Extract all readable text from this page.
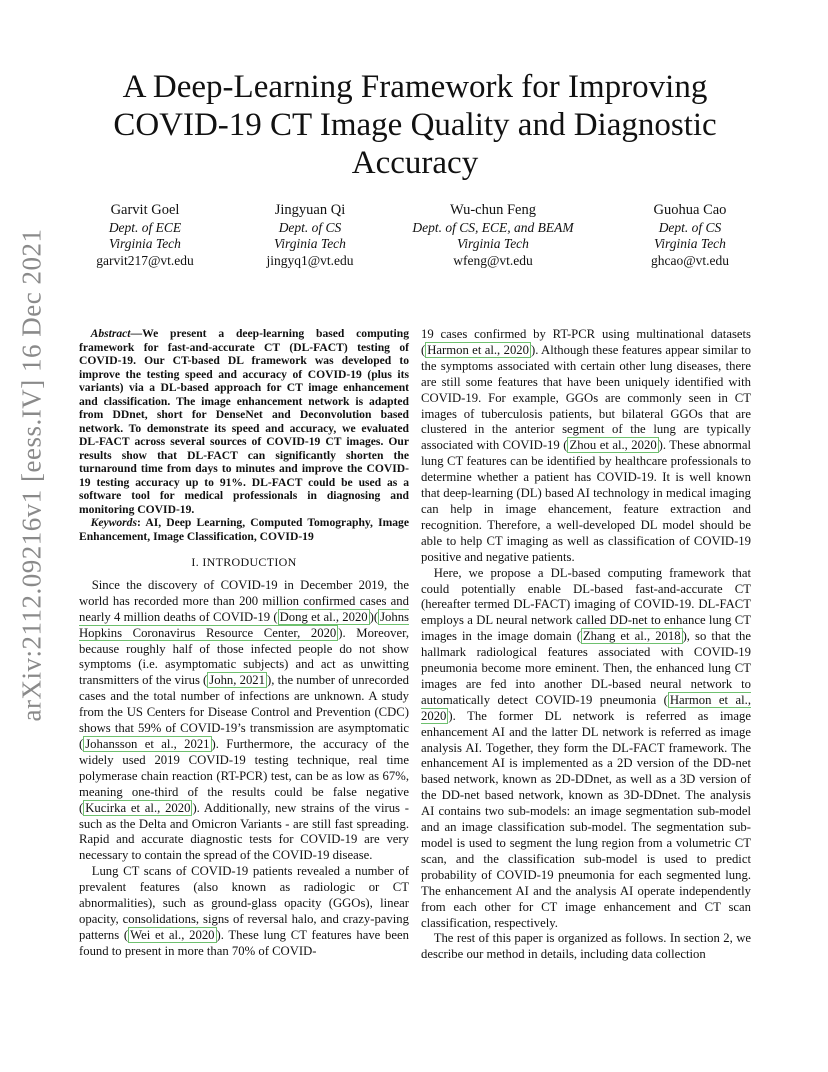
arXiv:2112.09216v1 [eess.IV] 16 Dec 2021
A Deep-Learning Framework for Improving COVID-19 CT Image Quality and Diagnostic Accuracy
Garvit Goel
Dept. of ECE
Virginia Tech
garvit217@vt.edu
Jingyuan Qi
Dept. of CS
Virginia Tech
jingyq1@vt.edu
Wu-chun Feng
Dept. of CS, ECE, and BEAM
Virginia Tech
wfeng@vt.edu
Guohua Cao
Dept. of CS
Virginia Tech
ghcao@vt.edu

Abstract—We present a deep-learning based computing framework for fast-and-accurate CT (DL-FACT) testing of COVID-19. Our CT-based DL framework was developed to improve the testing speed and accuracy of COVID-19 (plus its variants) via a DL-based approach for CT image enhancement and classification. The image enhancement network is adapted from DDnet, short for DenseNet and Deconvolution based network. To demonstrate its speed and accuracy, we evaluated DL-FACT across several sources of COVID-19 CT images. Our results show that DL-FACT can significantly shorten the turnaround time from days to minutes and improve the COVID-19 testing accuracy up to 91%. DL-FACT could be used as a software tool for medical professionals in diagnosing and monitoring COVID-19.

Keywords: AI, Deep Learning, Computed Tomography, Image Enhancement, Image Classification, COVID-19

I. INTRODUCTION

Since the discovery of COVID-19 in December 2019, the world has recorded more than 200 million confirmed cases and nearly 4 million deaths of COVID-19 ( Dong et al., 2020 )( Johns Hopkins Coronavirus Resource Center, 2020 ). Moreover, because roughly half of those infected people do not show symptoms (i.e. asymptomatic subjects) and act as unwitting transmitters of the virus ( John, 2021 ), the number of unrecorded cases and the total number of infections are unknown. A study from the US Centers for Disease Control and Prevention (CDC) shows that 59% of COVID-19’s transmission are asymptomatic ( Johansson et al., 2021 ). Furthermore, the accuracy of the widely used 2019 COVID-19 testing technique, real time polymerase chain reaction (RT-PCR) test, can be as low as 67%, meaning one-third of the results could be false negative ( Kucirka et al., 2020 ). Additionally, new strains of the virus - such as the Delta and Omicron Variants - are still fast spreading. Rapid and accurate diagnostic tests for COVID-19 are very necessary to contain the spread of the COVID-19 disease.

Lung CT scans of COVID-19 patients revealed a number of prevalent features (also known as radiologic or CT abnormalities), such as ground-glass opacity (GGOs), linear opacity, consolidations, signs of reversal halo, and crazy-paving patterns ( Wei et al., 2020 ). These lung CT features have been found to present in more than 70% of COVID-

19 cases confirmed by RT-PCR using multinational datasets ( Harmon et al., 2020 ). Although these features appear similar to the symptoms associated with certain other lung diseases, there are still some features that have been uniquely identified with COVID-19. For example, GGOs are commonly seen in CT images of tuberculosis patients, but bilateral GGOs that are clustered in the anterior segment of the lung are typically associated with COVID-19 ( Zhou et al., 2020 ). These abnormal lung CT features can be identified by healthcare professionals to determine whether a patient has COVID-19. It is well known that deep-learning (DL) based AI technology in medical imaging can help in image ehancement, feature extraction and recognition. Therefore, a well-developed DL model should be able to help CT imaging as well as classification of COVID-19 positive and negative patients.

Here, we propose a DL-based computing framework that could potentially enable DL-based fast-and-accurate CT (hereafter termed DL-FACT) imaging of COVID-19. DL-FACT employs a DL neural network called DD-net to enhance lung CT images in the image domain ( Zhang et al., 2018 ), so that the hallmark radiological features associated with COVID-19 pneumonia become more eminent. Then, the enhanced lung CT images are fed into another DL-based neural network to automatically detect COVID-19 pneumonia ( Harmon et al., 2020 ). The former DL network is referred as image enhancement AI and the latter DL network is referred as image analysis AI. Together, they form the DL-FACT framework. The enhancement AI is implemented as a 2D version of the DD-net based network, known as 2D-DDnet, as well as a 3D version of the DD-net based network, known as 3D-DDnet. The analysis AI contains two sub-models: an image segmentation sub-model and an image classification sub-model. The segmentation sub-model is used to segment the lung region from a volumetric CT scan, and the classification sub-model is used to predict probability of COVID-19 pneumonia for each segmented lung. The enhancement AI and the analysis AI operate independently from each other for CT image enhancement and CT scan classification, respectively.

The rest of this paper is organized as follows. In section 2, we describe our method in details, including data collection
